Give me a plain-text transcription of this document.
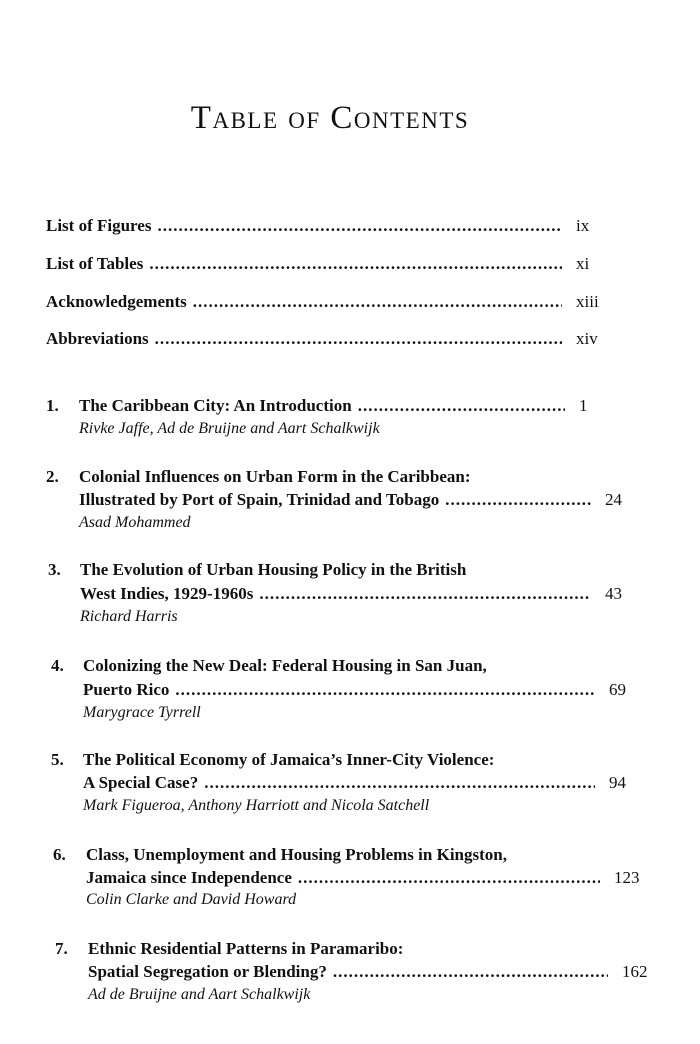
Table of Contents
List of Figures .....	ix
List of Tables .....	xi
Acknowledgements .....	xiii
Abbreviations .....	xiv
1. The Caribbean City: An Introduction .....	1
Rivke Jaffe, Ad de Bruijne and Aart Schalkwijk
2. Colonial Influences on Urban Form in the Caribbean:
Illustrated by Port of Spain, Trinidad and Tobago .....	24
Asad Mohammed
3. The Evolution of Urban Housing Policy in the British
West Indies, 1929-1960s .....	43
Richard Harris
4. Colonizing the New Deal: Federal Housing in San Juan,
Puerto Rico .....	69
Marygrace Tyrrell
5. The Political Economy of Jamaica’s Inner-City Violence:
A Special Case? .....	94
Mark Figueroa, Anthony Harriott and Nicola Satchell
6. Class, Unemployment and Housing Problems in Kingston,
Jamaica since Independence .....	123
Colin Clarke and David Howard
7. Ethnic Residential Patterns in Paramaribo:
Spatial Segregation or Blending? .....	162
Ad de Bruijne and Aart Schalkwijk
